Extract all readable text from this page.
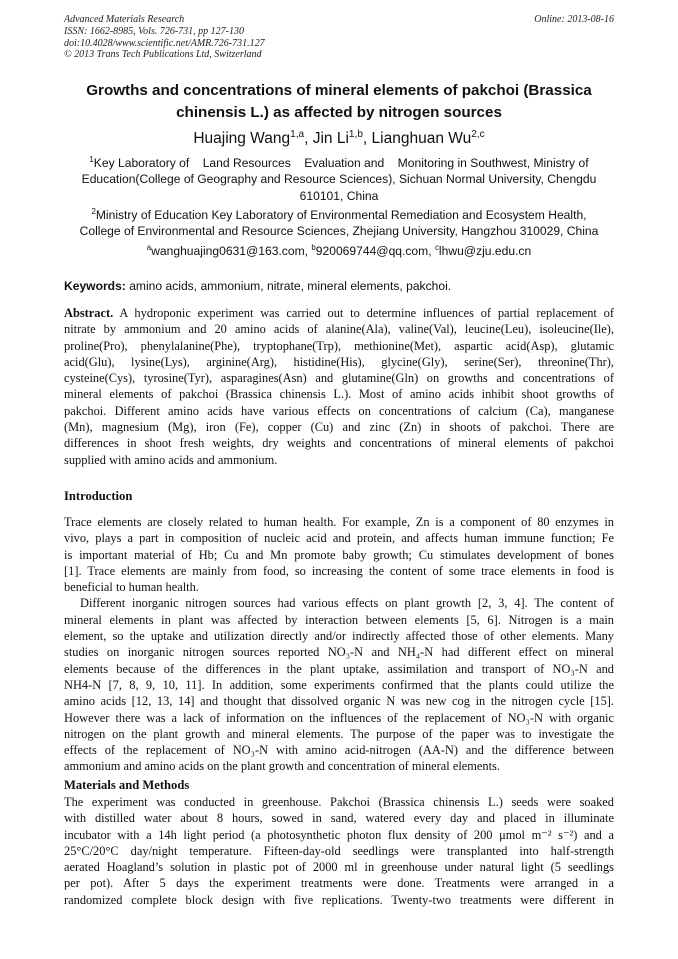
Advanced Materials Research
ISSN: 1662-8985, Vols. 726-731, pp 127-130
doi:10.4028/www.scientific.net/AMR.726-731.127
© 2013 Trans Tech Publications Ltd, Switzerland
Online: 2013-08-16
Growths and concentrations of mineral elements of pakchoi (Brassica
chinensis L.) as affected by nitrogen sources
Huajing Wang$^{1,a}$, Jin Li$^{1,b}$, Lianghuan Wu$^{2,c}$
$^1$Key Laboratory of    Land Resources    Evaluation and    Monitoring in Southwest, Ministry of
Education(College of Geography and Resource Sciences), Sichuan Normal University, Chengdu
610101, China
$^2$Ministry of Education Key Laboratory of Environmental Remediation and Ecosystem Health,
College of Environmental and Resource Sciences, Zhejiang University, Hangzhou 310029, China
$^a$wanghuajing0631@163.com, $^b$920069744@qq.com, $^c$lhwu@zju.edu.cn
Keywords: amino acids, ammonium, nitrate, mineral elements, pakchoi.
Abstract. A hydroponic experiment was carried out to determine influences of partial replacement of
nitrate by ammonium and 20 amino acids of alanine(Ala), valine(Val), leucine(Leu), isoleucine(Ile),
proline(Pro), phenylalanine(Phe), tryptophane(Trp), methionine(Met), aspartic acid(Asp), glutamic
acid(Glu), lysine(Lys), arginine(Arg), histidine(His), glycine(Gly), serine(Ser), threonine(Thr),
cysteine(Cys), tyrosine(Tyr), asparagines(Asn) and glutamine(Gln) on growths and concentrations of
mineral elements of pakchoi (Brassica chinensis L.). Most of amino acids inhibit shoot growths of
pakchoi. Different amino acids have various effects on concentrations of calcium (Ca), manganese
(Mn), magnesium (Mg), iron (Fe), copper (Cu) and zinc (Zn) in shoots of pakchoi. There are
differences in shoot fresh weights, dry weights and concentrations of mineral elements of pakchoi
supplied with amino acids and ammonium.
Introduction
Trace elements are closely related to human health. For example, Zn is a component of 80 enzymes in
vivo, plays a part in composition of nucleic acid and protein, and affects human immune function; Fe
is important material of Hb; Cu and Mn promote baby growth; Cu stimulates development of bones
[1]. Trace elements are mainly from food, so increasing the content of some trace elements in food is
beneficial to human health.
Different inorganic nitrogen sources had various effects on plant growth [2, 3, 4]. The content of
mineral elements in plant was affected by interaction between elements [5, 6]. Nitrogen is a main
element, so the uptake and utilization directly and/or indirectly affected those of other elements. Many
studies on inorganic nitrogen sources reported NO₃-N and NH₄-N had different effect on mineral
elements because of the differences in the plant uptake, assimilation and transport of NO₃-N and
NH4-N [7, 8, 9, 10, 11]. In addition, some experiments confirmed that the plants could utilize the
amino acids [12, 13, 14] and thought that dissolved organic N was new cog in the nitrogen cycle [15].
However there was a lack of information on the influences of the replacement of NO₃-N with organic
nitrogen on the plant growth and mineral elements. The purpose of the paper was to investigate the
effects of the replacement of NO₃-N with amino acid-nitrogen (AA-N) and the difference between
ammonium and amino acids on the plant growth and concentration of mineral elements.
Materials and Methods
The experiment was conducted in greenhouse. Pakchoi (Brassica chinensis L.) seeds were soaked
with distilled water about 8 hours, sowed in sand, watered every day and placed in illuminate
incubator with a 14h light period (a photosynthetic photon flux density of 200 μmol m⁻² s⁻²) and a
25°C/20°C day/night temperature. Fifteen-day-old seedlings were transplanted into half-strength
aerated Hoagland’s solution in plastic pot of 2000 ml in greenhouse under natural light (5 seedlings
per pot). After 5 days the experiment treatments were done. Treatments were arranged in a
randomized complete block design with five replications. Twenty-two treatments were different in
